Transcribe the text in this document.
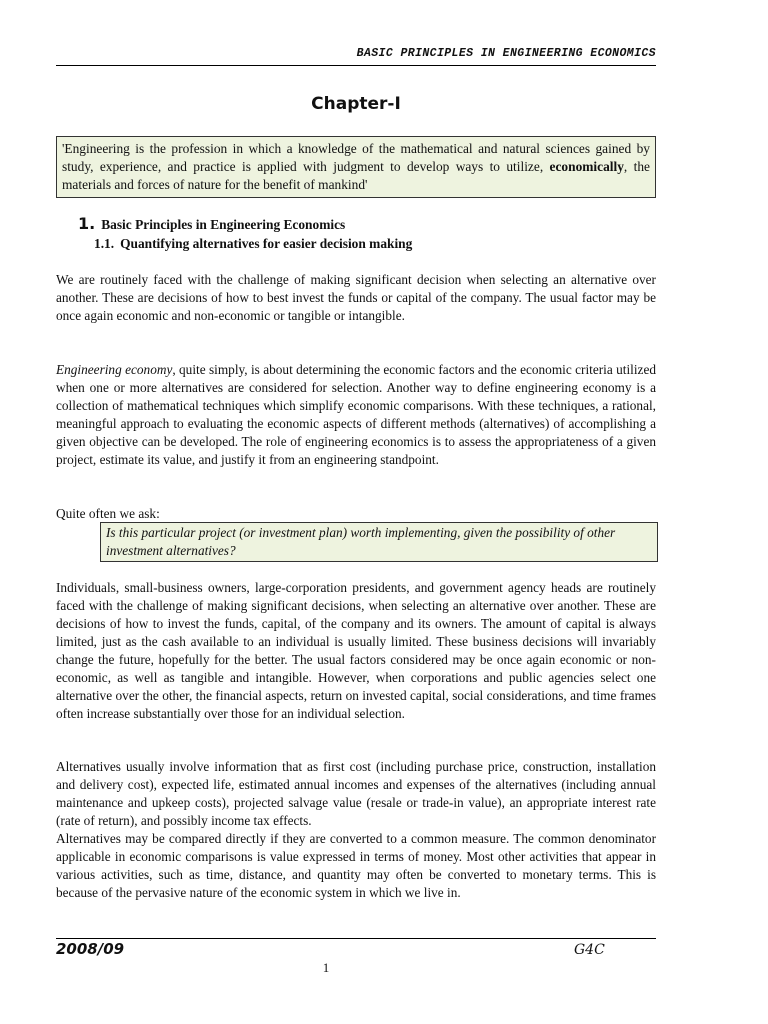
BASIC PRINCIPLES IN ENGINEERING ECONOMICS
Chapter-I
'Engineering is the profession in which a knowledge of the mathematical and natural sciences gained by study, experience, and practice is applied with judgment to develop ways to utilize, economically, the materials and forces of nature for the benefit of mankind'
1. Basic Principles in Engineering Economics
1.1. Quantifying alternatives for easier decision making

We are routinely faced with the challenge of making significant decision when selecting an alternative over another. These are decisions of how to best invest the funds or capital of the company. The usual factor may be once again economic and non-economic or tangible or intangible.

Engineering economy, quite simply, is about determining the economic factors and the economic criteria utilized when one or more alternatives are considered for selection. Another way to define engineering economy is a collection of mathematical techniques which simplify economic comparisons. With these techniques, a rational, meaningful approach to evaluating the economic aspects of different methods (alternatives) of accomplishing a given objective can be developed. The role of engineering economics is to assess the appropriateness of a given project, estimate its value, and justify it from an engineering standpoint.

Quite often we ask:

Is this particular project (or investment plan) worth implementing, given the possibility of other investment alternatives?

Individuals, small-business owners, large-corporation presidents, and government agency heads are routinely faced with the challenge of making significant decisions, when selecting an alternative over another. These are decisions of how to invest the funds, capital, of the company and its owners. The amount of capital is always limited, just as the cash available to an individual is usually limited. These business decisions will invariably change the future, hopefully for the better. The usual factors considered may be once again economic or non-economic, as well as tangible and intangible. However, when corporations and public agencies select one alternative over the other, the financial aspects, return on invested capital, social considerations, and time frames often increase substantially over those for an individual selection.

Alternatives usually involve information that as first cost (including purchase price, construction, installation and delivery cost), expected life, estimated annual incomes and expenses of the alternatives (including annual maintenance and upkeep costs), projected salvage value (resale or trade-in value), an appropriate interest rate (rate of return), and possibly income tax effects.

Alternatives may be compared directly if they are converted to a common measure. The common denominator applicable in economic comparisons is value expressed in terms of money. Most other activities that appear in various activities, such as time, distance, and quantity may often be converted to monetary terms. This is because of the pervasive nature of the economic system in which we live in.

2008/09	G4C
1
